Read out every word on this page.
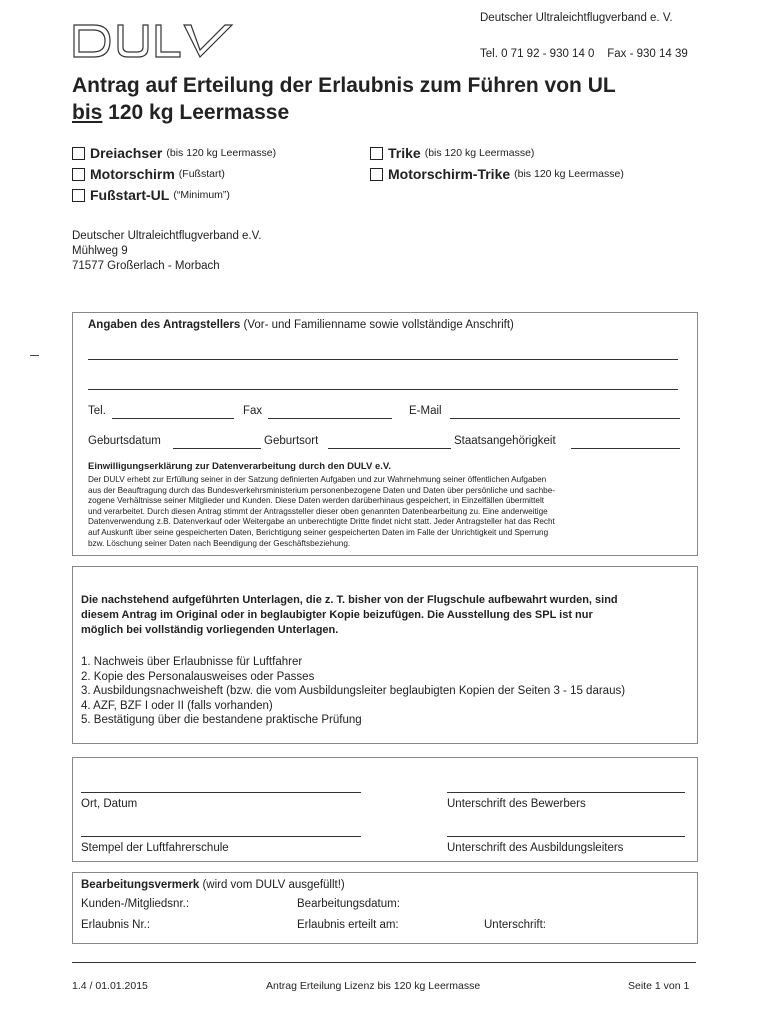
Deutscher Ultraleichtflugverband e. V.
Tel. 0 71 92 - 930 14 0    Fax - 930 14 39
Antrag auf Erteilung der Erlaubnis zum Führen von UL
bis 120 kg Leermasse
Dreiachser (bis 120 kg Leermasse)
Motorschirm (Fußstart)
Fußstart-UL (“Minimum”)
Trike (bis 120 kg Leermasse)
Motorschirm-Trike (bis 120 kg Leermasse)
Deutscher Ultraleichtflugverband e.V.
Mühlweg 9
71577 Großerlach - Morbach
Angaben des Antragstellers (Vor- und Familienname sowie vollständige Anschrift)
Tel.	Fax	E-Mail
Geburtsdatum	Geburtsort	Staatsangehörigkeit
Einwilligungserklärung zur Datenverarbeitung durch den DULV e.V.
Der DULV erhebt zur Erfüllung seiner in der Satzung definierten Aufgaben und zur Wahrnehmung seiner öffentlichen Aufgaben
aus der Beauftragung durch das Bundesverkehrsministerium personenbezogene Daten und Daten über persönliche und sachbe-
zogene Verhältnisse seiner Mitglieder und Kunden. Diese Daten werden darüberhinaus gespeichert, in Einzelfällen übermittelt
und verarbeitet. Durch diesen Antrag stimmt der Antragssteller dieser oben genannten Datenbearbeitung zu. Eine anderweitige
Datenverwendung z.B. Datenverkauf oder Weitergabe an unberechtigte Dritte findet nicht statt. Jeder Antragsteller hat das Recht
auf Auskunft über seine gespeicherten Daten, Berichtigung seiner gespeicherten Daten im Falle der Unrichtigkeit und Sperrung
bzw. Löschung seiner Daten nach Beendigung der Geschäftsbeziehung.
Die nachstehend aufgeführten Unterlagen, die z. T. bisher von der Flugschule aufbewahrt wurden, sind
diesem Antrag im Original oder in beglaubigter Kopie beizufügen. Die Ausstellung des SPL ist nur
möglich bei vollständig vorliegenden Unterlagen.
1. Nachweis über Erlaubnisse für Luftfahrer
2. Kopie des Personalausweises oder Passes
3. Ausbildungsnachweisheft (bzw. die vom Ausbildungsleiter beglaubigten Kopien der Seiten 3 - 15 daraus)
4. AZF, BZF I oder II (falls vorhanden)
5. Bestätigung über die bestandene praktische Prüfung
Ort, Datum	Unterschrift des Bewerbers
Stempel der Luftfahrerschule	Unterschrift des Ausbildungsleiters
Bearbeitungsvermerk (wird vom DULV ausgefüllt!)
Kunden-/Mitgliedsnr.:	Bearbeitungsdatum:
Erlaubnis Nr.:	Erlaubnis erteilt am:	Unterschrift:
1.4 / 01.01.2015	Antrag Erteilung Lizenz bis 120 kg Leermasse	Seite 1 von 1
